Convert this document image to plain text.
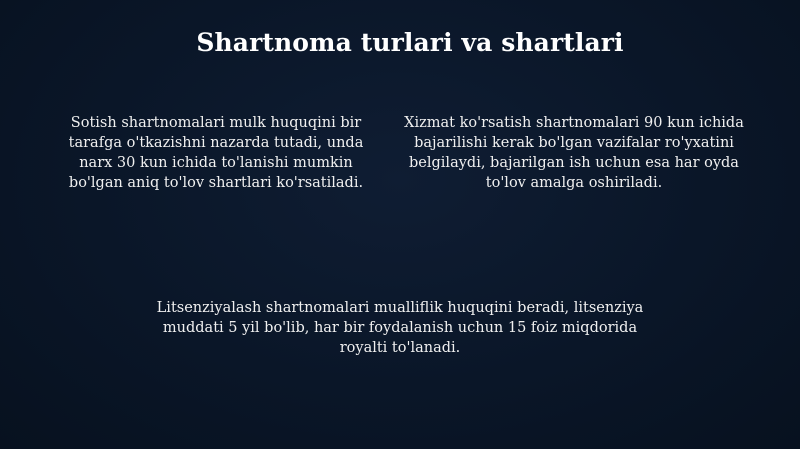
Shartnoma turlari va shartlari
Sotish shartnomalari mulk huquqini bir tarafga o'tkazishni nazarda tutadi, unda narx 30 kun ichida to'lanishi mumkin bo'lgan aniq to'lov shartlari ko'rsatiladi.
Xizmat ko'rsatish shartnomalari 90 kun ichida bajarilishi kerak bo'lgan vazifalar ro'yxatini belgilaydi, bajarilgan ish uchun esa har oyda to'lov amalga oshiriladi.
Litsenziyalash shartnomalari mualliflik huquqini beradi, litsenziya muddati 5 yil bo'lib, har bir foydalanish uchun 15 foiz miqdorida royalti to'lanadi.
